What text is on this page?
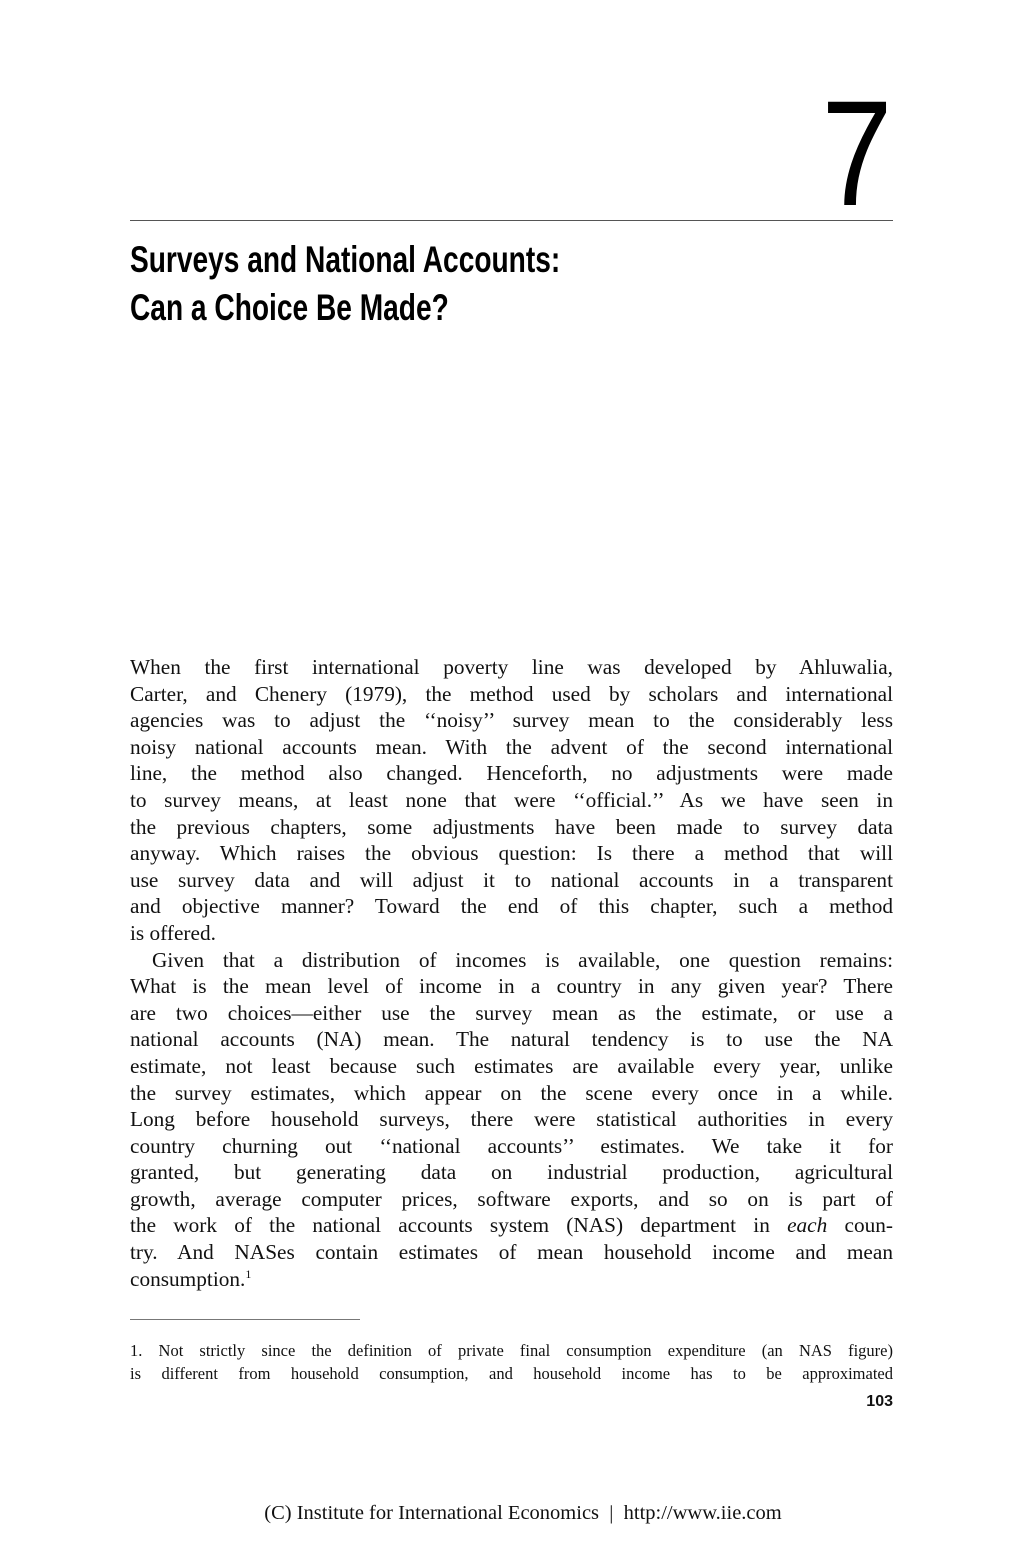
7
Surveys and National Accounts:
Can a Choice Be Made?
When the first international poverty line was developed by Ahluwalia,
Carter, and Chenery (1979), the method used by scholars and international
agencies was to adjust the ‘‘noisy’’ survey mean to the considerably less
noisy national accounts mean. With the advent of the second international
line, the method also changed. Henceforth, no adjustments were made
to survey means, at least none that were ‘‘official.’’ As we have seen in
the previous chapters, some adjustments have been made to survey data
anyway. Which raises the obvious question: Is there a method that will
use survey data and will adjust it to national accounts in a transparent
and objective manner? Toward the end of this chapter, such a method
is offered.
Given that a distribution of incomes is available, one question remains:
What is the mean level of income in a country in any given year? There
are two choices—either use the survey mean as the estimate, or use a
national accounts (NA) mean. The natural tendency is to use the NA
estimate, not least because such estimates are available every year, unlike
the survey estimates, which appear on the scene every once in a while.
Long before household surveys, there were statistical authorities in every
country churning out ‘‘national accounts’’ estimates. We take it for
granted, but generating data on industrial production, agricultural
growth, average computer prices, software exports, and so on is part of
the work of the national accounts system (NAS) department in each coun-
try. And NASes contain estimates of mean household income and mean
consumption.$^1$
1. Not strictly since the definition of private final consumption expenditure (an NAS figure)
is different from household consumption, and household income has to be approximated
103
(C) Institute for International Economics  |  http://www.iie.com
